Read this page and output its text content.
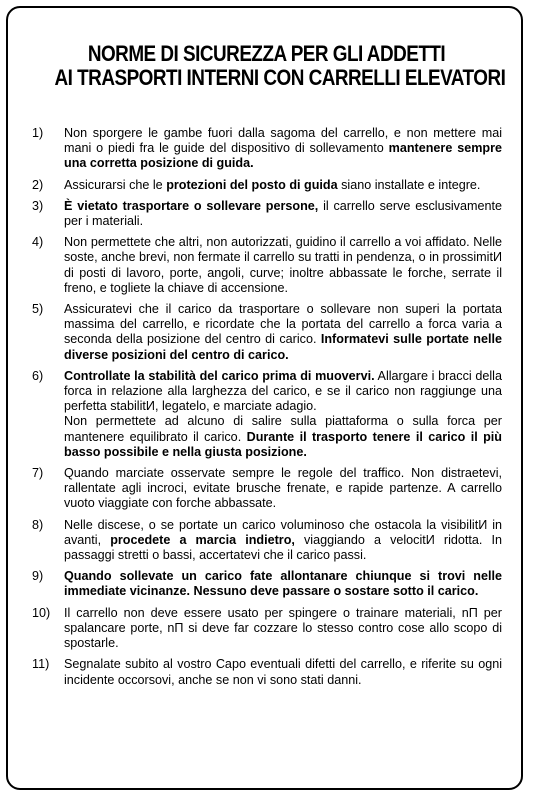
NORME DI SICUREZZA PER GLI ADDETTI
AI TRASPORTI INTERNI CON CARRELLI ELEVATORI
1)	Non sporgere le gambe fuori dalla sagoma del carrello, e non mettere mai mani o piedi fra le guide del dispositivo di sollevamento mantenere sempre una corretta posizione di guida.
2)	Assicurarsi che le protezioni del posto di guida siano installate e integre.
3)	È vietato trasportare o sollevare persone, il carrello serve esclusivamente per i materiali.
4)	Non permettete che altri, non autorizzati, guidino il carrello a voi affidato. Nelle soste, anche brevi, non fermate il carrello su tratti in pendenza, o in prossimitИ di posti di lavoro, porte, angoli, curve; inoltre abbassate le forche, serrate il freno, e togliete la chiave di accensione.
5)	Assicuratevi che il carico da trasportare o sollevare non superi la portata massima del carrello, e ricordate che la portata del carrello a forca varia a seconda della posizione del centro di carico. Informatevi sulle portate nelle diverse posizioni del centro di carico.
6)	Controllate la stabilità del carico prima di muovervi. Allargare i bracci della forca in relazione alla larghezza del carico, e se il carico non raggiunge una perfetta stabilitИ, legatelo, e marciate adagio.
Non permettete ad alcuno di salire sulla piattaforma o sulla forca per mantenere equilibrato il carico. Durante il trasporto tenere il carico il più basso possibile e nella giusta posizione.
7)	Quando marciate osservate sempre le regole del traffico. Non distraetevi, rallentate agli incroci, evitate brusche frenate, e rapide partenze. A carrello vuoto viaggiate con forche abbassate.
8)	Nelle discese, o se portate un carico voluminoso che ostacola la visibilitИ in avanti, procedete a marcia indietro, viaggiando a velocitИ ridotta. In passaggi stretti o bassi, accertatevi che il carico passi.
9)	Quando sollevate un carico fate allontanare chiunque si trovi nelle immediate vicinanze. Nessuno deve passare o sostare sotto il carico.
10)	Il carrello non deve essere usato per spingere o trainare materiali, nП per spalancare porte, nП si deve far cozzare lo stesso contro cose allo scopo di spostarle.
11)	Segnalate subito al vostro Capo eventuali difetti del carrello, e riferite su ogni incidente occorsovi, anche se non vi sono stati danni.
